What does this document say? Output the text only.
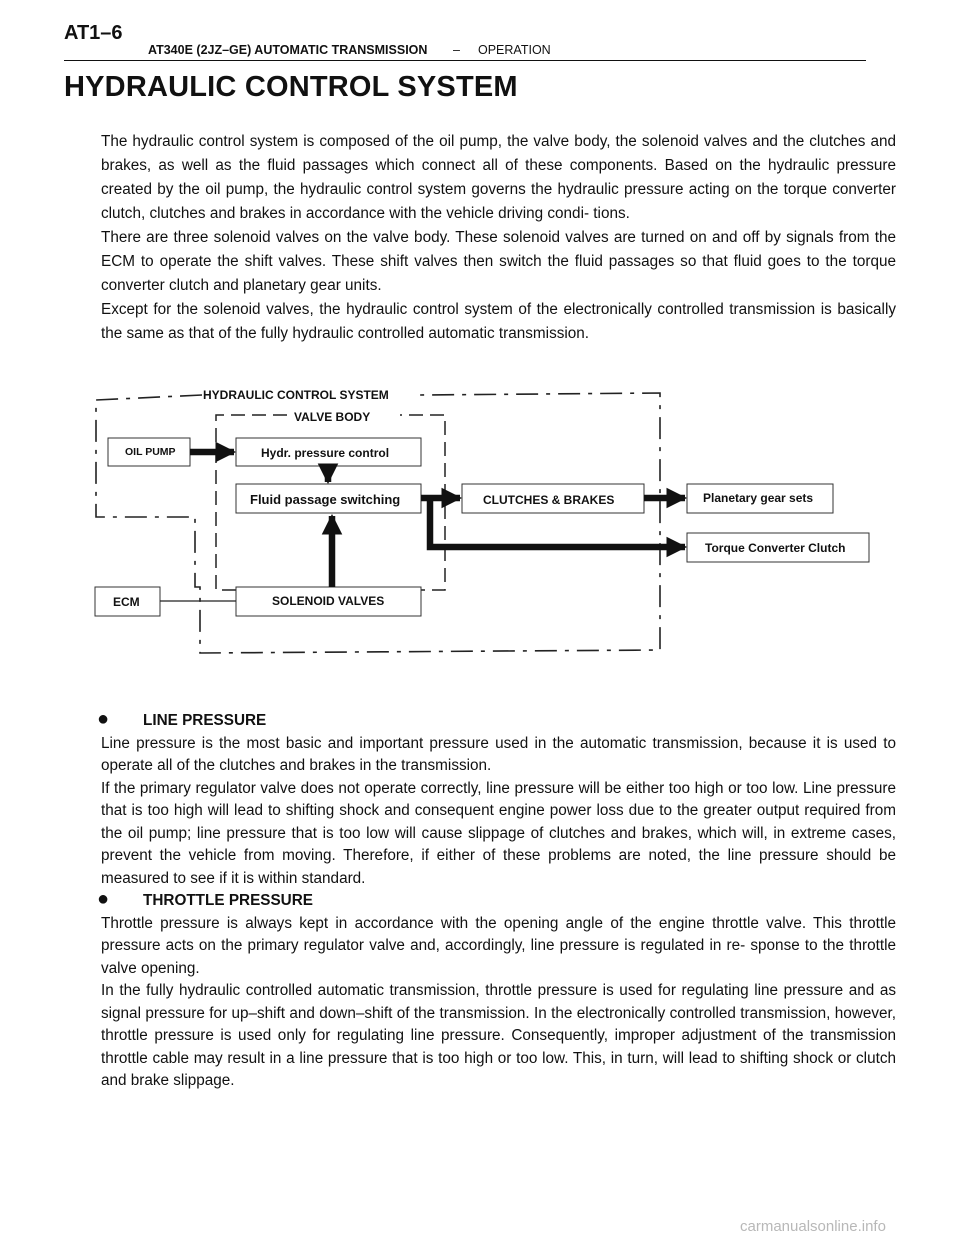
AT1–6
AT340E (2JZ–GE) AUTOMATIC TRANSMISSION – OPERATION
HYDRAULIC CONTROL SYSTEM

The hydraulic control system is composed of the oil pump, the valve body, the solenoid valves and the clutches and brakes, as well as the fluid passages which connect all of these components. Based on the hydraulic pressure created by the oil pump, the hydraulic control system governs the hydraulic pressure acting on the torque converter clutch, clutches and brakes in accordance with the vehicle driving condi- tions.

There are three solenoid valves on the valve body. These solenoid valves are turned on and off by signals from the ECM to operate the shift valves. These shift valves then switch the fluid passages so that fluid goes to the torque converter clutch and planetary gear units.

Except for the solenoid valves, the hydraulic control system of the electronically controlled transmission is basically the same as that of the fully hydraulic controlled automatic transmission.

HYDRAULIC CONTROL SYSTEM
VALVE BODY
OIL PUMP	Hydr. pressure control
Fluid passage switching	CLUTCHES & BRAKES	Planetary gear sets
Torque Converter Clutch
SOLENOID VALVES
ECM

● LINE PRESSURE

Line pressure is the most basic and important pressure used in the automatic transmission, because it is used to operate all of the clutches and brakes in the transmission.

If the primary regulator valve does not operate correctly, line pressure will be either too high or too low. Line pressure that is too high will lead to shifting shock and consequent engine power loss due to the greater output required from the oil pump; line pressure that is too low will cause slippage of clutches and brakes, which will, in extreme cases, prevent the vehicle from moving. Therefore, if either of these problems are noted, the line pressure should be measured to see if it is within standard.

● THROTTLE PRESSURE

Throttle pressure is always kept in accordance with the opening angle of the engine throttle valve. This throttle pressure acts on the primary regulator valve and, accordingly, line pressure is regulated in re- sponse to the throttle valve opening.

In the fully hydraulic controlled automatic transmission, throttle pressure is used for regulating line pressure and as signal pressure for up–shift and down–shift of the transmission. In the electronically controlled transmission, however, throttle pressure is used only for regulating line pressure. Consequently, improper adjustment of the transmission throttle cable may result in a line pressure that is too high or too low. This, in turn, will lead to shifting shock or clutch and brake slippage.

carmanualsonline.info
